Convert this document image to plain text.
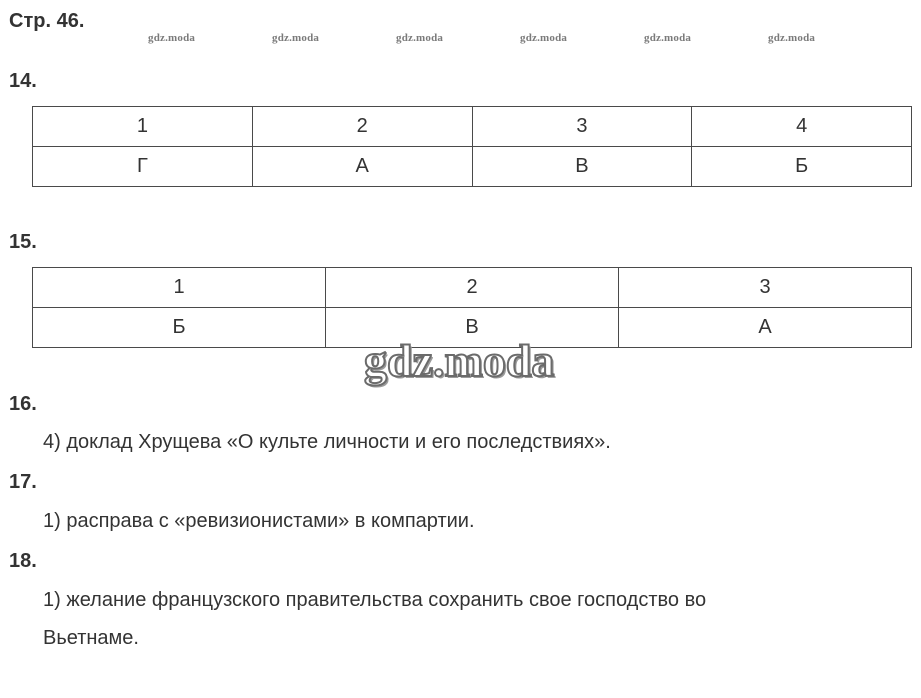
Стр. 46.
gdz.moda	gdz.moda	gdz.moda	gdz.moda	gdz.moda	gdz.moda
14.
1	2	3	4
Г	А	В	Б
15.
1	2	3
Б	В	А
gdz.moda
16.
4) доклад Хрущева «О культе личности и его последствиях».
17.
1) расправа с «ревизионистами» в компартии.
18.
1) желание французского правительства сохранить свое господство во
Вьетнаме.
